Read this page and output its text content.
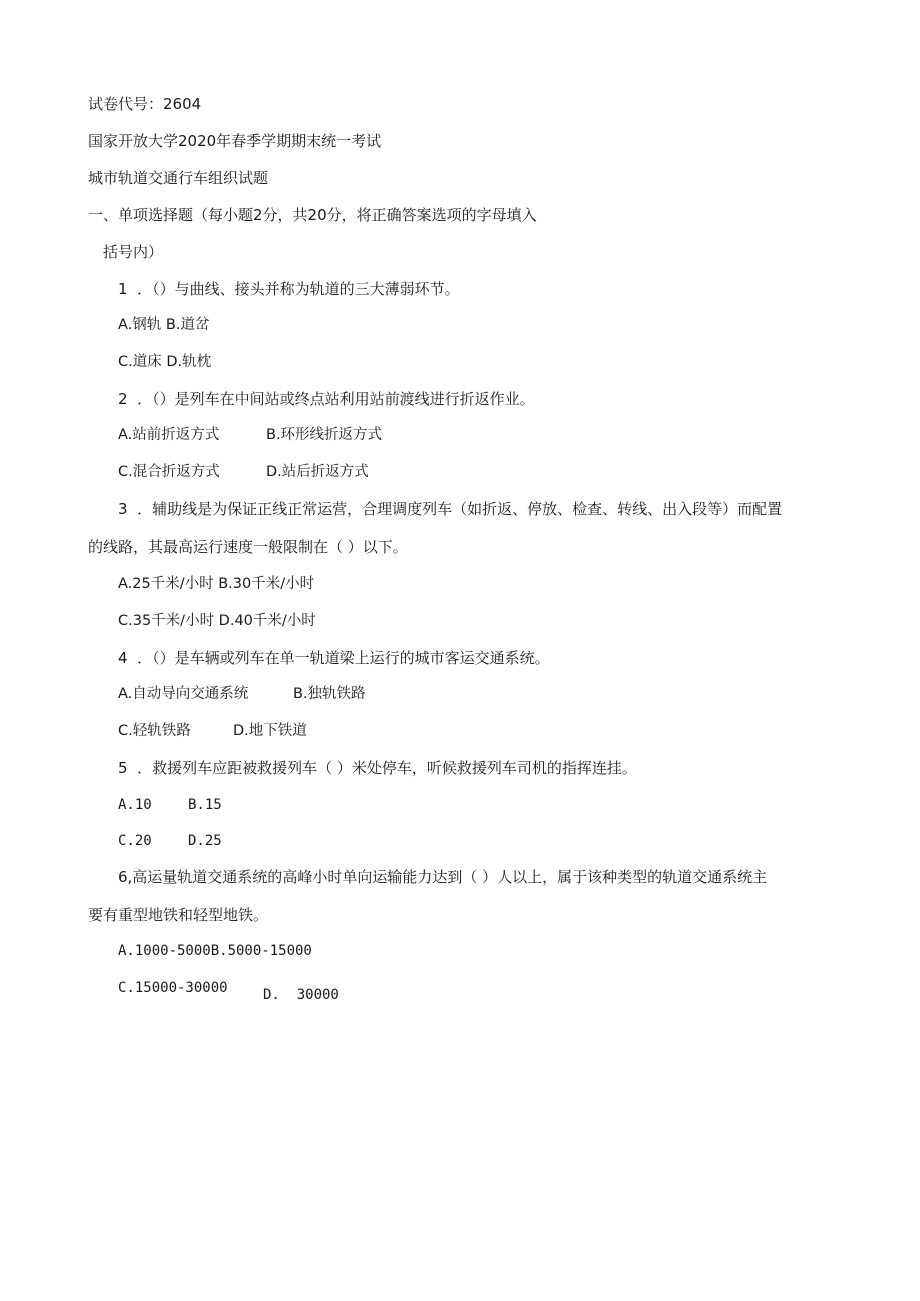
试卷代号：2604
国家开放大学2020年春季学期期末统一考试
城市轨道交通行车组织试题
一、单项选择题（每小题2分，共20分，将正确答案选项的字母填入
括号内）
1  ．（）与曲线、接头并称为轨道的三大薄弱环节。
A.钢轨 B.道岔
C.道床 D.轨枕
2  ．（）是列车在中间站或终点站利用站前渡线进行折返作业。
A.站前折返方式	B.环形线折返方式
C.混合折返方式	D.站后折返方式
3  ．辅助线是为保证正线正常运营，合理调度列车（如折返、停放、检查、转线、出入段等）而配置
的线路，其最高运行速度一般限制在（ ）以下。
A.25千米/小时 B.30千米/小时
C.35千米/小时 D.40千米/小时
4  ．（）是车辆或列车在单一轨道梁上运行的城市客运交通系统。
A.自动导向交通系统	B.独轨铁路
C.轻轨铁路	D.地下铁道
5  ．救援列车应距被救援列车（ ）米处停车，听候救援列车司机的指挥连挂。
A.10	B.15
C.20	D.25
6,高运量轨道交通系统的高峰小时单向运输能力达到（ ）人以上，属于该种类型的轨道交通系统主
要有重型地铁和轻型地铁。
A.1000-5000B.5000-15000
C.15000-30000	D.  30000
